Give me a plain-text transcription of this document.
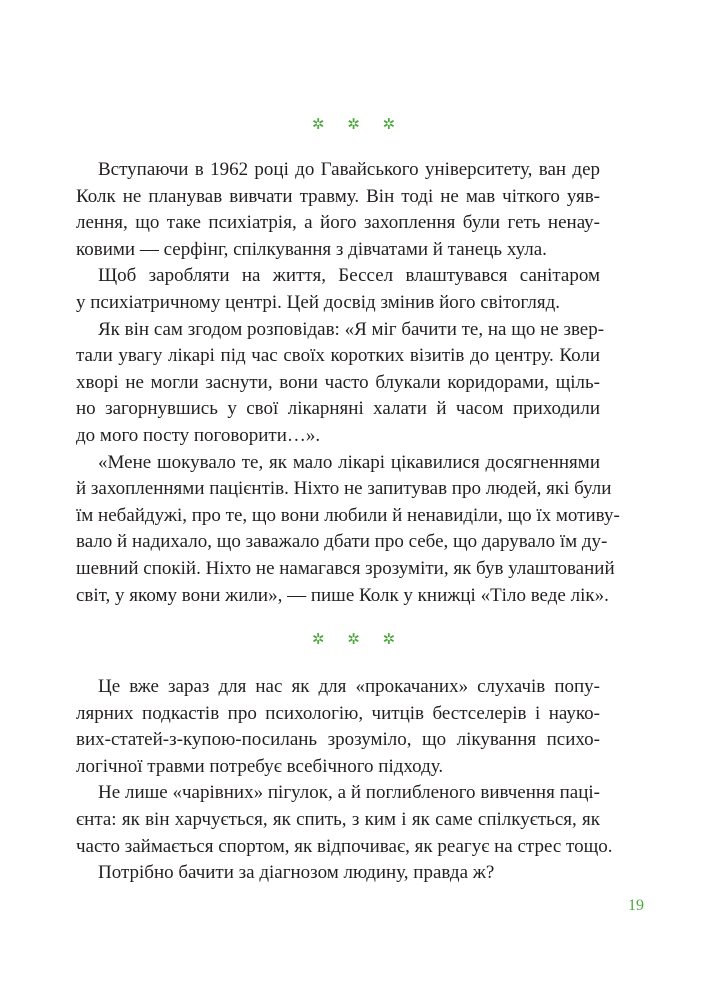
✲ ✲ ✲
Вступаючи в 1962 році до Гавайського університету, ван дер
Колк не планував вивчати травму. Він тоді не мав чіткого уяв-
лення, що таке психіатрія, а його захоплення були геть ненау-
ковими — серфінг, спілкування з дівчатами й танець хула.
Щоб заробляти на життя, Бессел влаштувався санітаром
у психіатричному центрі. Цей досвід змінив його світогляд.
Як він сам згодом розповідав: «Я міг бачити те, на що не звер-
тали увагу лікарі під час своїх коротких візитів до центру. Коли
хворі не могли заснути, вони часто блукали коридорами, щіль-
но загорнувшись у свої лікарняні халати й часом приходили
до мого посту поговорити…».
«Мене шокувало те, як мало лікарі цікавилися досягненнями
й захопленнями пацієнтів. Ніхто не запитував про людей, які були
їм небайдужі, про те, що вони любили й ненавиділи, що їх мотиву-
вало й надихало, що заважало дбати про себе, що дарувало їм ду-
шевний спокій. Ніхто не намагався зрозуміти, як був улаштований
світ, у якому вони жили», — пише Колк у книжці «Тіло веде лік».
✲ ✲ ✲
Це вже зараз для нас як для «прокачаних» слухачів попу-
лярних подкастів про психологію, читців бестселерів і науко-
вих-статей-з-купою-посилань зрозуміло, що лікування психо-
логічної травми потребує всебічного підходу.
Не лише «чарівних» пігулок, а й поглибленого вивчення паці-
єнта: як він харчується, як спить, з ким і як саме спілкується, як
часто займається спортом, як відпочиває, як реагує на стрес тощо.
Потрібно бачити за діагнозом людину, правда ж?
19
